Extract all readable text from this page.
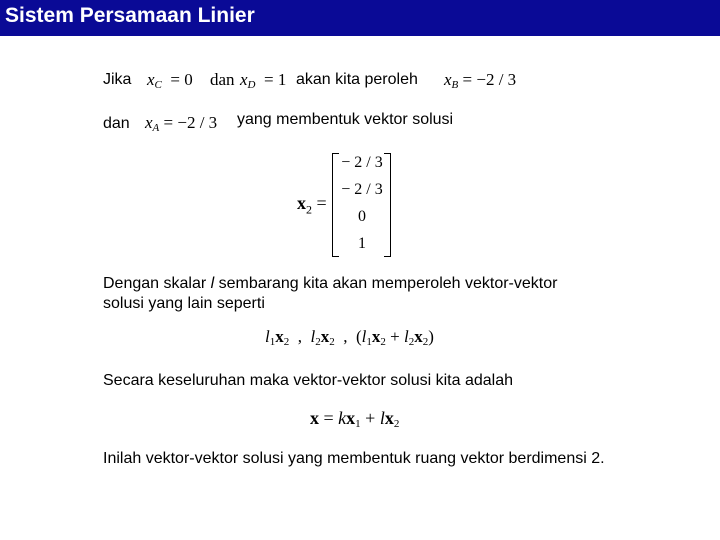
Sistem Persamaan Linier
Jika $x_C = 0$ dan $x_D = 1$ akan kita peroleh $x_B = -2 / 3$
dan $x_A = -2 / 3$ yang membentuk vektor solusi
$x_2$ =
− 2 / 3
− 2 / 3
0
1
Dengan skalar l sembarang kita akan memperoleh vektor-vektor
solusi yang lain seperti
$l_1x_2$  ,  $l_2x_2$  ,  $(l_1x_2 + l_2x_2)$
Secara keseluruhan maka vektor-vektor solusi kita adalah
$x = kx_1 + lx_2$
Inilah vektor-vektor solusi yang membentuk ruang vektor berdimensi 2.
